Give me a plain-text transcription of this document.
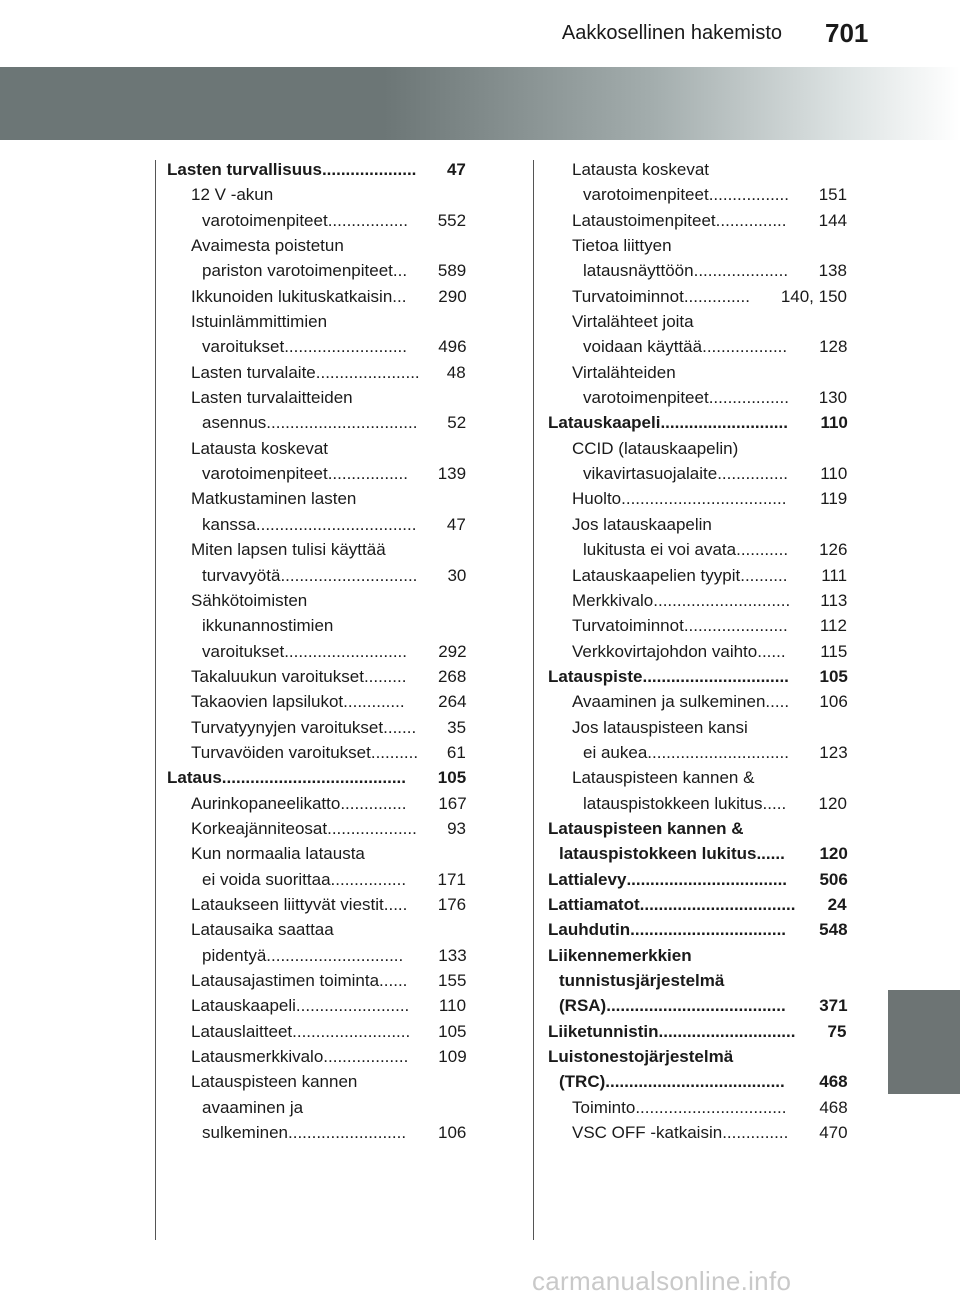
Aakkosellinen hakemisto 701
Lasten turvallisuus.................... 47
12 V -akun
varotoimenpiteet................. 552
Avaimesta poistetun
pariston varotoimenpiteet... 589
Ikkunoiden lukituskatkaisin... 290
Istuinlämmittimien
varoitukset.......................... 496
Lasten turvalaite...................... 48
Lasten turvalaitteiden
asennus................................ 52
Latausta koskevat
varotoimenpiteet................. 139
Matkustaminen lasten
kanssa.................................. 47
Miten lapsen tulisi käyttää
turvavyötä............................. 30
Sähkötoimisten
ikkunannostimien
varoitukset.......................... 292
Takaluukun varoitukset......... 268
Takaovien lapsilukot............. 264
Turvatyynyjen varoitukset....... 35
Turvavöiden varoitukset.......... 61
Lataus....................................... 105
Aurinkopaneelikatto.............. 167
Korkeajänniteosat................... 93
Kun normaalia latausta
ei voida suorittaa................ 171
Lataukseen liittyvät viestit..... 176
Latausaika saattaa
pidentyä............................. 133
Latausajastimen toiminta...... 155
Latauskaapeli........................ 110
Latauslaitteet......................... 105
Latausmerkkivalo.................. 109
Latauspisteen kannen
avaaminen ja
sulkeminen......................... 106
Latausta koskevat
varotoimenpiteet................. 151
Lataustoimenpiteet............... 144
Tietoa liittyen
latausnäyttöön.................... 138
Turvatoiminnot.............. 140, 150
Virtalähteet joita
voidaan käyttää.................. 128
Virtalähteiden
varotoimenpiteet................. 130
Latauskaapeli........................... 110
CCID (latauskaapelin)
vikavirtasuojalaite............... 110
Huolto................................... 119
Jos latauskaapelin
lukitusta ei voi avata........... 126
Latauskaapelien tyypit.......... 111
Merkkivalo............................. 113
Turvatoiminnot...................... 112
Verkkovirtajohdon vaihto...... 115
Latauspiste............................... 105
Avaaminen ja sulkeminen..... 106
Jos latauspisteen kansi
ei aukea.............................. 123
Latauspisteen kannen &
latauspistokkeen lukitus..... 120
Latauspisteen kannen &
latauspistokkeen lukitus...... 120
Lattialevy.................................. 506
Lattiamatot................................. 24
Lauhdutin................................. 548
Liikennemerkkien
tunnistusjärjestelmä
(RSA)...................................... 371
Liiketunnistin............................. 75
Luistonestojärjestelmä
(TRC)...................................... 468
Toiminto................................ 468
VSC OFF -katkaisin.............. 470
carmanualsonline.info
